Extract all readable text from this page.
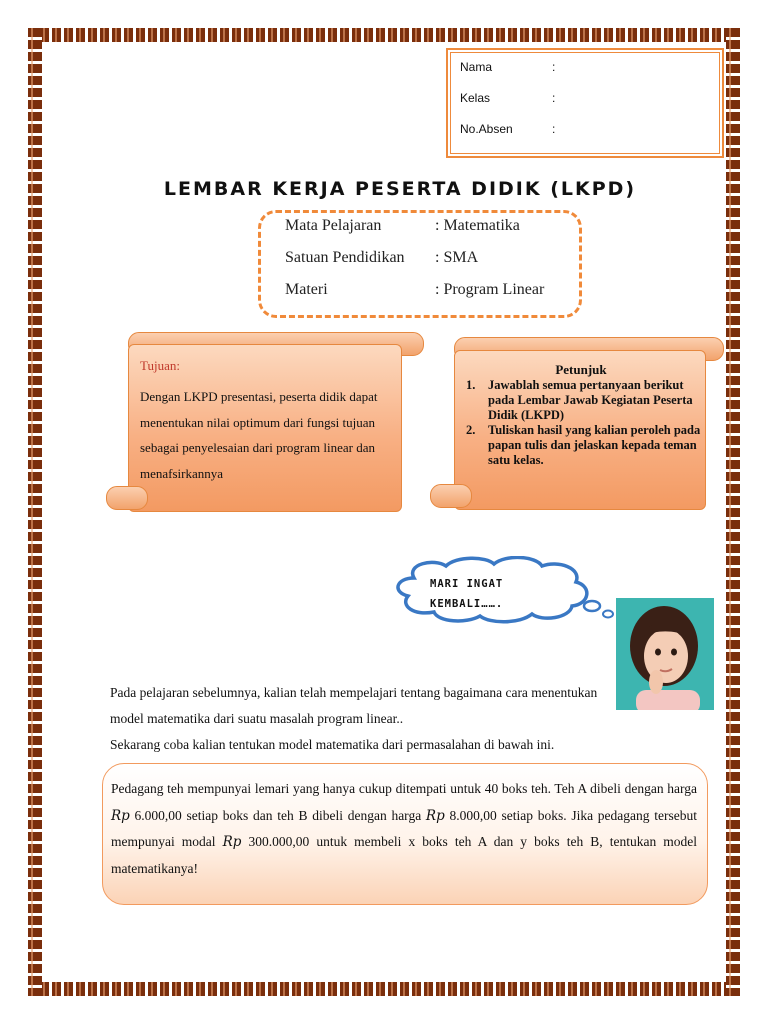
Nama	:
Kelas	:
No.Absen	:
LEMBAR KERJA PESERTA DIDIK (LKPD)
Mata Pelajaran	: Matematika
Satuan Pendidikan : SMA
Materi	: Program Linear
Tujuan:
Dengan LKPD presentasi, peserta didik dapat menentukan nilai optimum dari fungsi tujuan sebagai penyelesaian dari program linear dan menafsirkannya
Petunjuk
1. Jawablah semua pertanyaan berikut pada Lembar Jawab Kegiatan Peserta Didik (LKPD)
2. Tuliskan hasil yang kalian peroleh pada papan tulis dan jelaskan kepada teman satu kelas.
MARI INGAT
KEMBALI…….
Pada pelajaran sebelumnya, kalian telah mempelajari tentang bagaimana cara menentukan model matematika dari suatu masalah program linear..
Sekarang coba kalian tentukan model matematika dari permasalahan di bawah ini.
Pedagang teh mempunyai lemari yang hanya cukup ditempati untuk 40 boks teh. Teh A dibeli dengan harga Rp 6.000,00 setiap boks dan teh B dibeli dengan harga Rp 8.000,00 setiap boks. Jika pedagang tersebut mempunyai modal Rp 300.000,00 untuk membeli x boks teh A dan y boks teh B, tentukan model matematikanya!
